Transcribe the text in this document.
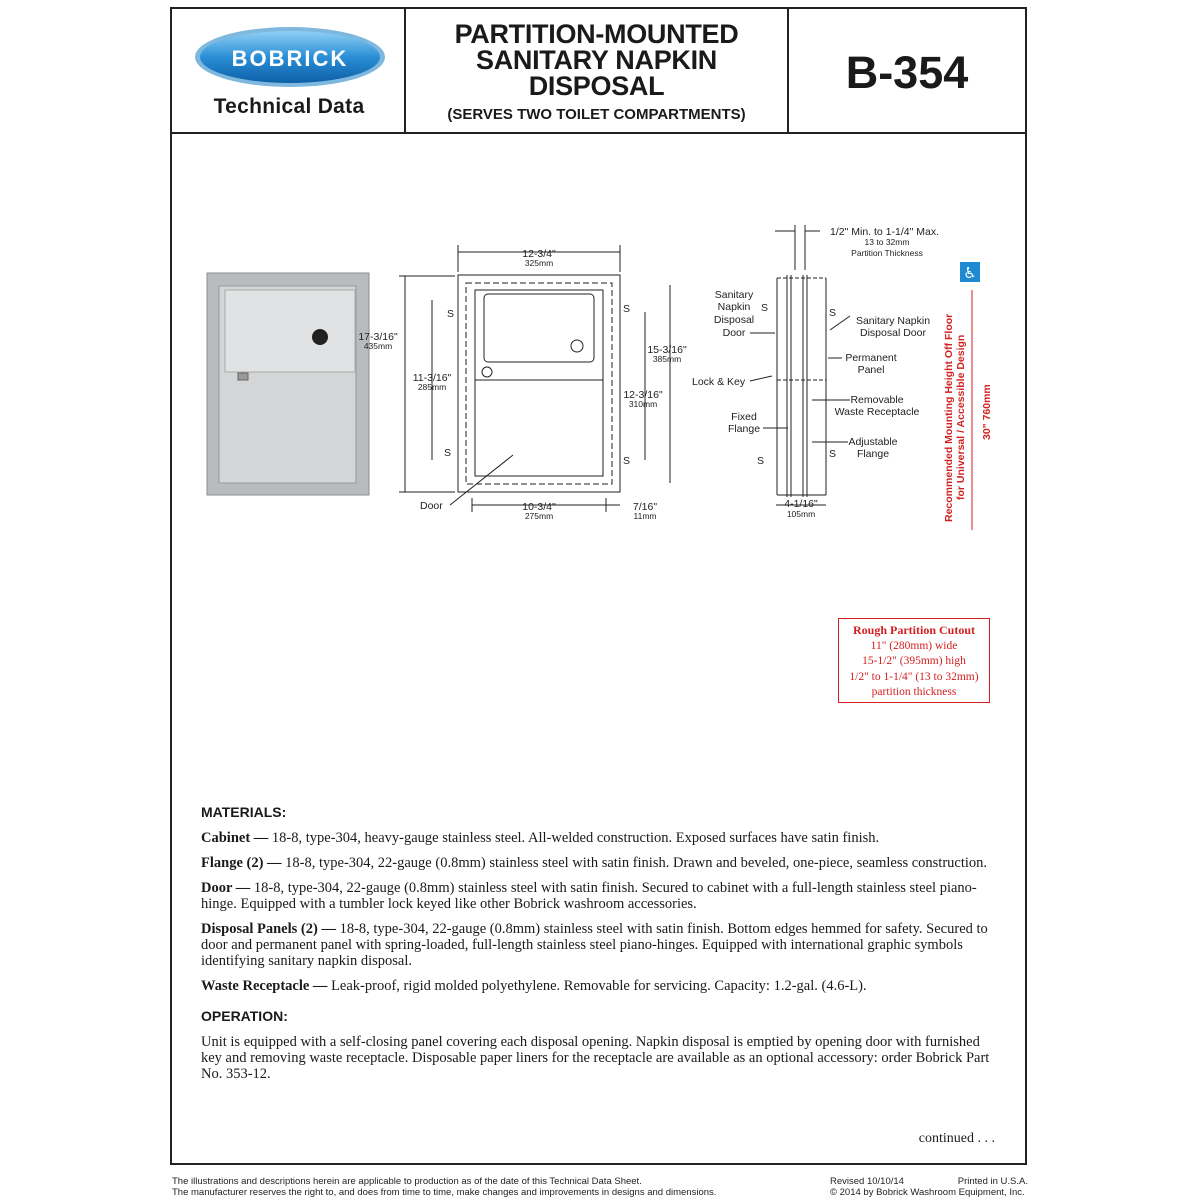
BOBRICK
Technical Data
PARTITION-MOUNTED
SANITARY NAPKIN
DISPOSAL
(SERVES TWO TOILET COMPARTMENTS)
B-354
♿
12-3/4"
325mm
17-3/16"
435mm
11-3/16"
285mm
15-3/16"
385mm
12-3/16"
310mm
10-3/4"
275mm
7/16"
11mm
Door
S	S
S
S
1/2" Min. to 1-1/4" Max.
13 to 32mm
Partition Thickness
Sanitary
Napkin
Disposal
Door
S	S
S
S
Lock & Key
Fixed
Flange
Sanitary Napkin
Disposal Door
Permanent
Panel
Removable
Waste Receptacle
Adjustable
Flange
4-1/16"
105mm	Recommended Mounting Height Off Floor for Universal / Accessible Design 30" 760mm
Rough Partition Cutout
11" (280mm) wide
15-1/2" (395mm) high
1/2" to 1-1/4" (13 to 32mm)
partition thickness
MATERIALS:
Cabinet — 18-8, type-304, heavy-gauge stainless steel. All-welded construction. Exposed surfaces have satin finish.
Flange (2) — 18-8, type-304, 22-gauge (0.8mm) stainless steel with satin finish. Drawn and beveled, one-piece, seamless construction.
Door — 18-8, type-304, 22-gauge (0.8mm) stainless steel with satin finish. Secured to cabinet with a full-length stainless steel piano-hinge. Equipped with a tumbler lock keyed like other Bobrick washroom accessories.
Disposal Panels (2) — 18-8, type-304, 22-gauge (0.8mm) stainless steel with satin finish. Bottom edges hemmed for safety. Secured to door and permanent panel with spring-loaded, full-length stainless steel piano-hinges. Equipped with international graphic symbols identifying sanitary napkin disposal.
Waste Receptacle — Leak-proof, rigid molded polyethylene. Removable for servicing. Capacity: 1.2-gal. (4.6-L).
OPERATION:
Unit is equipped with a self-closing panel covering each disposal opening. Napkin disposal is emptied by opening door with furnished key and removing waste receptacle. Disposable paper liners for the receptacle are available as an optional accessory: order Bobrick Part No. 353-12.
continued . . .
The illustrations and descriptions herein are applicable to production as of the date of this Technical Data Sheet.
The manufacturer reserves the right to, and does from time to time, make changes and improvements in designs and dimensions.
Revised 10/10/14	Printed in U.S.A.
© 2014 by Bobrick Washroom Equipment, Inc.
